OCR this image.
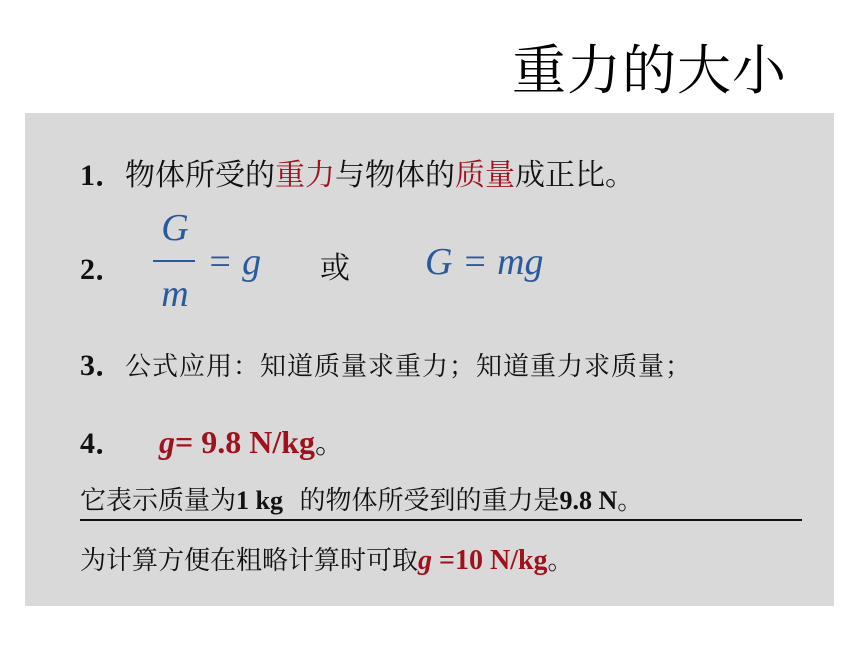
重力的大小
1．物体所受的重力与物体的质量成正比。
2．
G
m
= g 或 G = mg
3．公式应用：知道质量求重力；知道重力求质量；
4． g= 9.8 N/kg。
它表示质量为1 kg  的物体所受到的重力是9.8 N。
为计算方便在粗略计算时可取g =10 N/kg。
